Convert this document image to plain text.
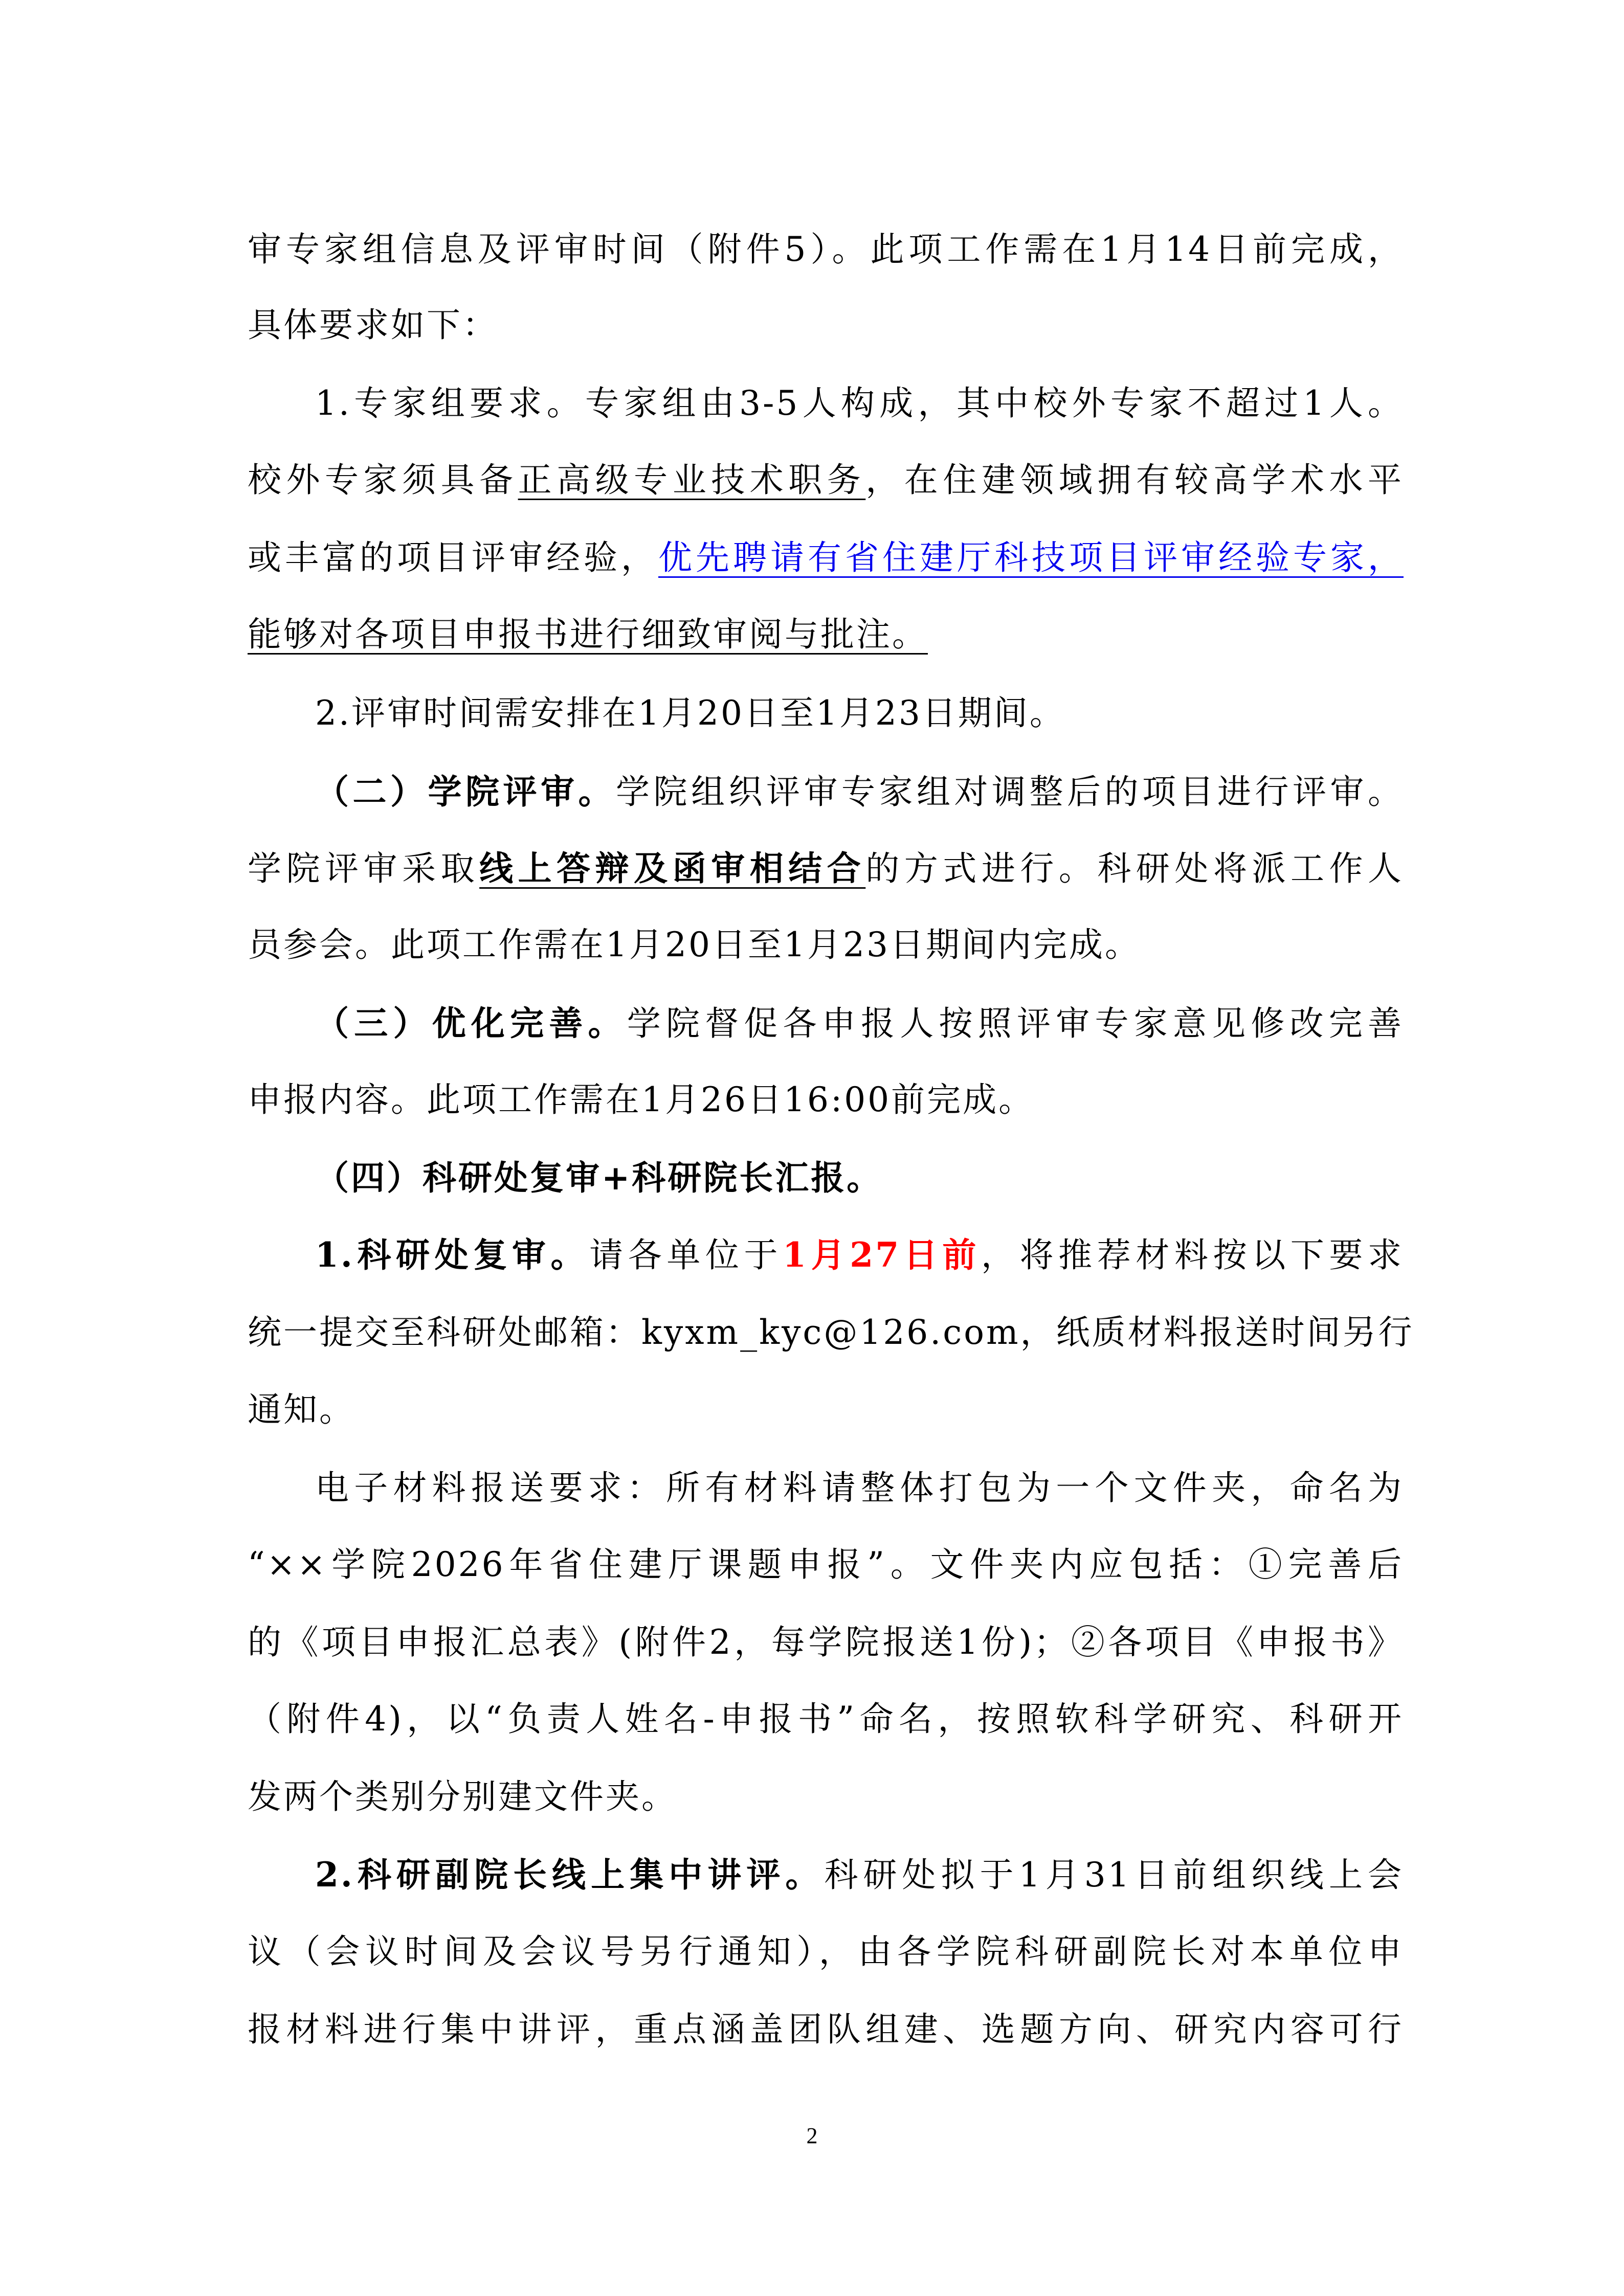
审专家组信息及评审时间（附件5）。此项工作需在1月14日前完成，
具体要求如下：
1.专家组要求。专家组由3-5人构成，其中校外专家不超过1人。
校外专家须具备正高级专业技术职务，在住建领域拥有较高学术水平
或丰富的项目评审经验，优先聘请有省住建厅科技项目评审经验专家，
能够对各项目申报书进行细致审阅与批注。
2.评审时间需安排在1月20日至1月23日期间。
（二）学院评审。学院组织评审专家组对调整后的项目进行评审。
学院评审采取线上答辩及函审相结合的方式进行。科研处将派工作人
员参会。此项工作需在1月20日至1月23日期间内完成。
（三）优化完善。学院督促各申报人按照评审专家意见修改完善
申报内容。此项工作需在1月26日16:00前完成。
（四）科研处复审+科研院长汇报。
1.科研处复审。请各单位于1月27日前，将推荐材料按以下要求
统一提交至科研处邮箱：kyxm_kyc@126.com，纸质材料报送时间另行
通知。
电子材料报送要求：所有材料请整体打包为一个文件夹，命名为
“××学院2026年省住建厅课题申报”。文件夹内应包括：①完善后
的《项目申报汇总表》(附件2，每学院报送1份)；②各项目《申报书》
（附件4)，以“负责人姓名-申报书”命名，按照软科学研究、科研开
发两个类别分别建文件夹。
2.科研副院长线上集中讲评。科研处拟于1月31日前组织线上会
议（会议时间及会议号另行通知），由各学院科研副院长对本单位申
报材料进行集中讲评，重点涵盖团队组建、选题方向、研究内容可行
2
